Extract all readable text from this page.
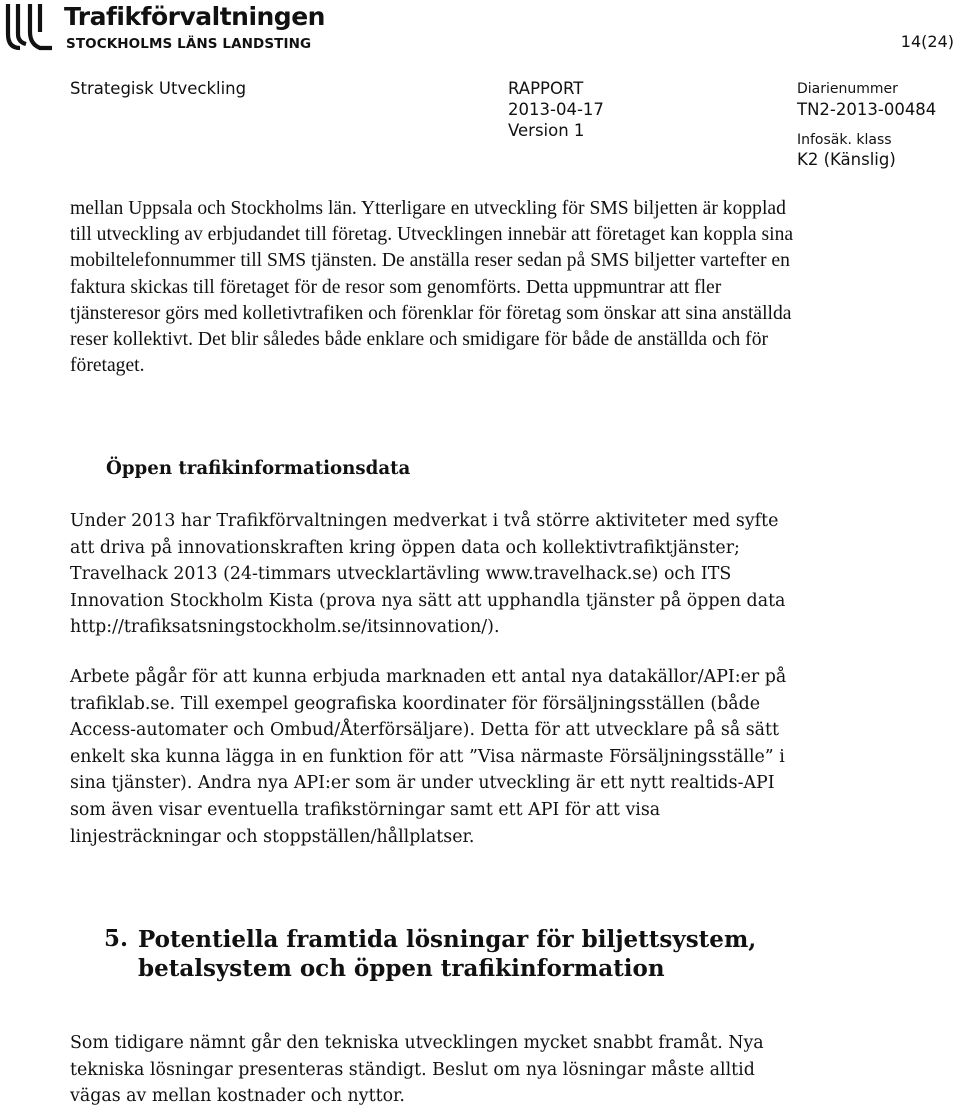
Trafikförvaltningen
STOCKHOLMS LÄNS LANDSTING	14(24)
Strategisk Utveckling	RAPPORT
2013-04-17
Version 1
Diarienummer
TN2-2013-00484
Infosäk. klass
K2 (Känslig)

mellan Uppsala och Stockholms län. Ytterligare en utveckling för SMS biljetten är kopplad till utveckling av erbjudandet till företag. Utvecklingen innebär att företaget kan koppla sina mobiltelefonnummer till SMS tjänsten. De anställa reser sedan på SMS biljetter vartefter en faktura skickas till företaget för de resor som genomförts. Detta uppmuntrar att fler tjänsteresor görs med kolletivtrafiken och förenklar för företag som önskar att sina anställda reser kollektivt. Det blir således både enklare och smidigare för både de anställda och för företaget.

Öppen trafikinformationsdata

Under 2013 har Trafikförvaltningen medverkat i två större aktiviteter med syfte att driva på innovationskraften kring öppen data och kollektivtrafiktjänster; Travelhack 2013 (24-timmars utvecklartävling www.travelhack.se) och ITS Innovation Stockholm Kista (prova nya sätt att upphandla tjänster på öppen data http://trafiksatsningstockholm.se/itsinnovation/).

Arbete pågår för att kunna erbjuda marknaden ett antal nya datakällor/API:er på trafiklab.se. Till exempel geografiska koordinater för försäljningsställen (både Access-automater och Ombud/Återförsäljare). Detta för att utvecklare på så sätt enkelt ska kunna lägga in en funktion för att ”Visa närmaste Försäljningsställe” i sina tjänster). Andra nya API:er som är under utveckling är ett nytt realtids-API som även visar eventuella trafikstörningar samt ett API för att visa linjesträckningar och stoppställen/hållplatser.

5. Potentiella framtida lösningar för biljettsystem, betalsystem och öppen trafikinformation

Som tidigare nämnt går den tekniska utvecklingen mycket snabbt framåt. Nya tekniska lösningar presenteras ständigt. Beslut om nya lösningar måste alltid vägas av mellan kostnader och nyttor.
